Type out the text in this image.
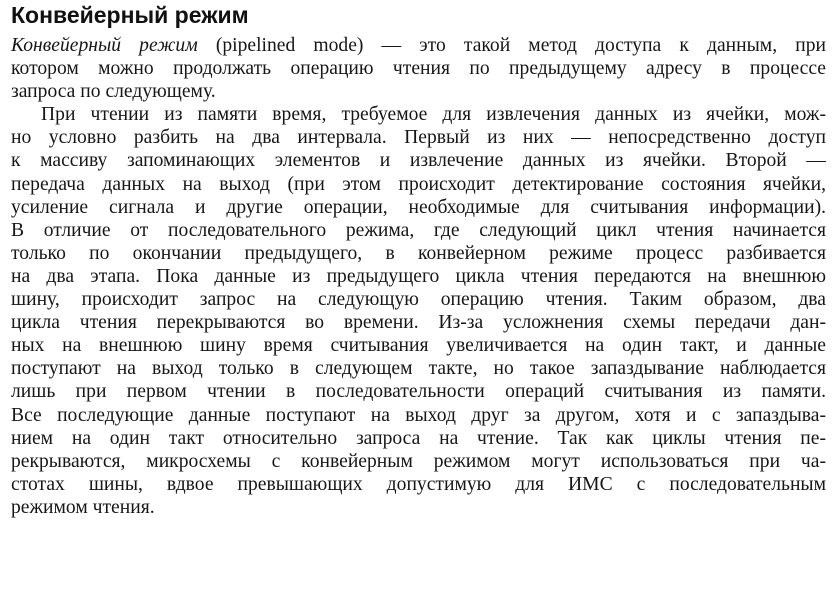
Конвейерный режим
Конвейерный режим (pipelined mode) — это такой метод доступа к данным, при
котором можно продолжать операцию чтения по предыдущему адресу в процессе
запроса по следующему.
При чтении из памяти время, требуемое для извлечения данных из ячейки, мож-
но условно разбить на два интервала. Первый из них — непосредственно доступ
к массиву запоминающих элементов и извлечение данных из ячейки. Второй —
передача данных на выход (при этом происходит детектирование состояния ячейки,
усиление сигнала и другие операции, необходимые для считывания информации).
В отличие от последовательного режима, где следующий цикл чтения начинается
только по окончании предыдущего, в конвейерном режиме процесс разбивается
на два этапа. Пока данные из предыдущего цикла чтения передаются на внешнюю
шину, происходит запрос на следующую операцию чтения. Таким образом, два
цикла чтения перекрываются во времени. Из-за усложнения схемы передачи дан-
ных на внешнюю шину время считывания увеличивается на один такт, и данные
поступают на выход только в следующем такте, но такое запаздывание наблюдается
лишь при первом чтении в последовательности операций считывания из памяти.
Все последующие данные поступают на выход друг за другом, хотя и с запаздыва-
нием на один такт относительно запроса на чтение. Так как циклы чтения пе-
рекрываются, микросхемы с конвейерным режимом могут использоваться при ча-
стотах шины, вдвое превышающих допустимую для ИМС с последовательным
режимом чтения.
